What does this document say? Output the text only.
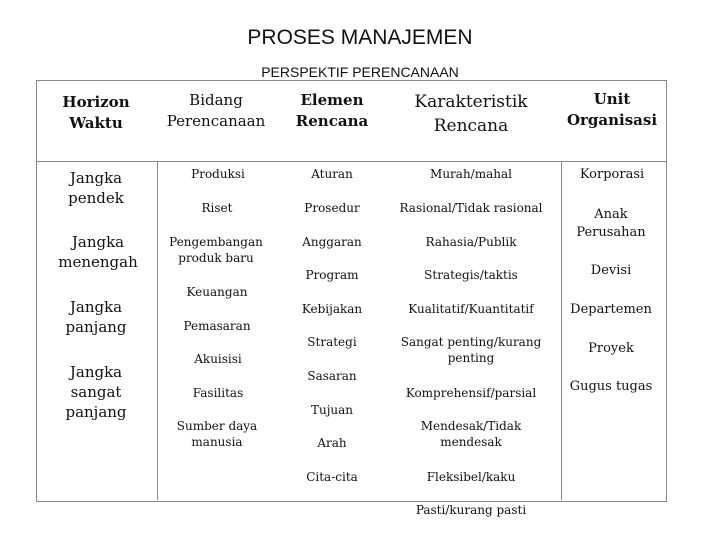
PROSES MANAJEMEN
PERSPEKTIF PERENCANAAN
Horizon
Waktu
Bidang
Perencanaan
Elemen
Rencana
Karakteristik
Rencana
Unit
Organisasi
Jangka
pendek
Jangka
menengah
Jangka
panjang
Jangka
sangat
panjang
Produksi
Riset
Pengembangan
produk baru
Keuangan
Pemasaran
Akuisisi
Fasilitas
Sumber daya
manusia
Aturan
Prosedur
Anggaran
Program
Kebijakan
Strategi
Sasaran
Tujuan
Arah
Cita-cita
Murah/mahal
Rasional/Tidak rasional
Rahasia/Publik
Strategis/taktis
Kualitatif/Kuantitatif
Sangat penting/kurang
penting
Komprehensif/parsial
Mendesak/Tidak
mendesak
Fleksibel/kaku
Pasti/kurang pasti
Korporasi
Anak
Perusahan
Devisi
Departemen
Proyek
Gugus tugas
